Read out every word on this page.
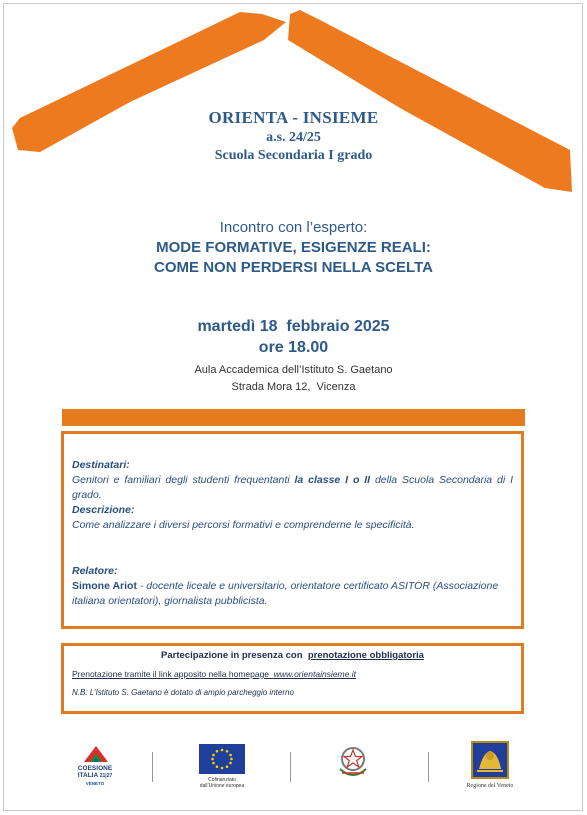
ORIENTA - INSIEME
a.s. 24/25
Scuola Secondaria I grado
Incontro con l’esperto:
MODE FORMATIVE, ESIGENZE REALI:
COME NON PERDERSI NELLA SCELTA
martedì 18  febbraio 2025
ore 18.00
Aula Accademica dell’Istituto S. Gaetano
Strada Mora 12,  Vicenza
Destinatari:
Genitori e familiari degli studenti frequentanti la classe I o II della Scuola Secondaria di I grado.
Descrizione:
Come analizzare i diversi percorsi formativi e comprenderne le specificità.
Relatore:
Simone Ariot - docente liceale e universitario, orientatore certificato ASITOR (Associazione italiana orientatori), giornalista pubblicista.
Partecipazione in presenza con  prenotazione obbligatoria
Prenotazione tramite il link apposito nella homepage  www.orientainsieme.it
N.B: L’Istituto S. Gaetano è dotato di ampio parcheggio interno
COESIONE
ITALIA 21|27
VENETO
Cofinanziato
dall’Unione europea	Regione del Veneto
